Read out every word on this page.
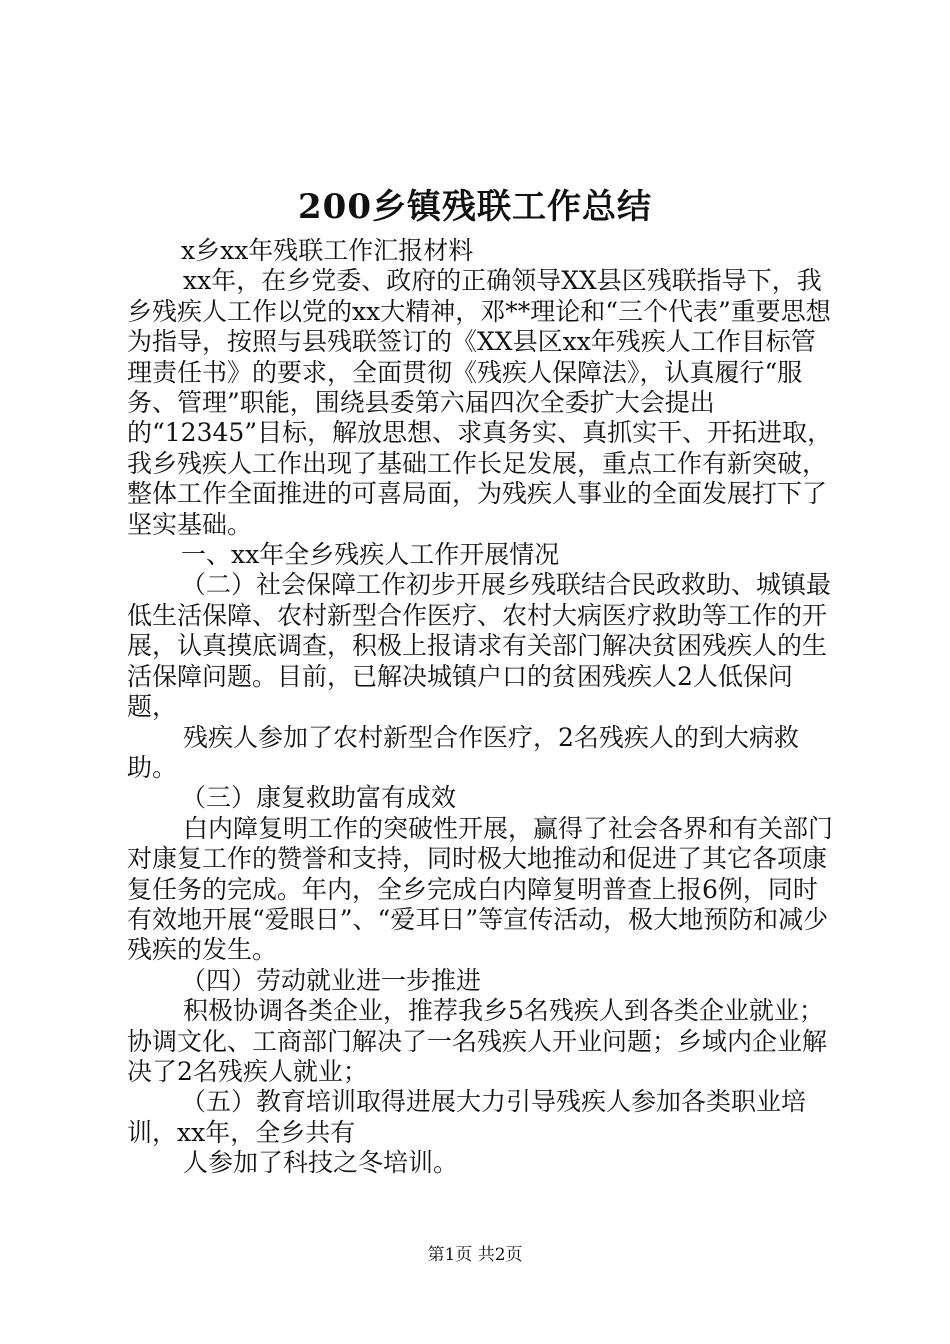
200乡镇残联工作总结

x乡xx年残联工作汇报材料

xx年，在乡党委、政府的正确领导XX县区残联指导下，我乡残疾人工作以党的xx大精神，邓**理论和“三个代表”重要思想为指导，按照与县残联签订的《XX县区xx年残疾人工作目标管理责任书》的要求，全面贯彻《残疾人保障法》，认真履行“服务、管理”职能，围绕县委第六届四次全委扩大会提出的“12345”目标，解放思想、求真务实、真抓实干、开拓进取，我乡残疾人工作出现了基础工作长足发展，重点工作有新突破，整体工作全面推进的可喜局面，为残疾人事业的全面发展打下了坚实基础。

一、xx年全乡残疾人工作开展情况

（二）社会保障工作初步开展乡残联结合民政救助、城镇最低生活保障、农村新型合作医疗、农村大病医疗救助等工作的开展，认真摸底调查，积极上报请求有关部门解决贫困残疾人的生活保障问题。目前，已解决城镇户口的贫困残疾人2人低保问题，

残疾人参加了农村新型合作医疗，2名残疾人的到大病救助。

（三）康复救助富有成效

白内障复明工作的突破性开展，赢得了社会各界和有关部门对康复工作的赞誉和支持，同时极大地推动和促进了其它各项康复任务的完成。年内，全乡完成白内障复明普查上报6例，同时有效地开展“爱眼日”、“爱耳日”等宣传活动，极大地预防和减少残疾的发生。

（四）劳动就业进一步推进

积极协调各类企业，推荐我乡5名残疾人到各类企业就业；协调文化、工商部门解决了一名残疾人开业问题；乡域内企业解决了2名残疾人就业；

（五）教育培训取得进展大力引导残疾人参加各类职业培训，xx年，全乡共有

人参加了科技之冬培训。

第1页 共2页
